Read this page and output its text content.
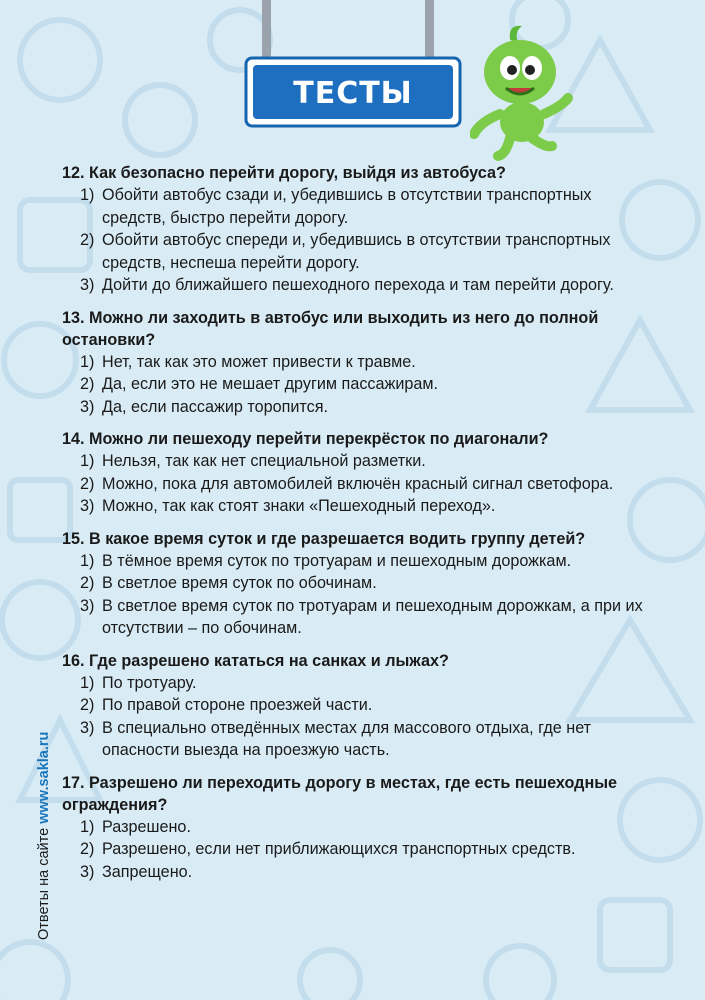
ТЕСТЫ
12. Как безопасно перейти дорогу, выйдя из автобуса?
1) Обойти автобус сзади и, убедившись в отсутствии транспортных средств, быстро перейти дорогу.
2) Обойти автобус спереди и, убедившись в отсутствии транспортных средств, неспеша перейти дорогу.
3) Дойти до ближайшего пешеходного перехода и там перейти дорогу.
13. Можно ли заходить в автобус или выходить из него до полной остановки?
1) Нет, так как это может привести к травме.
2) Да, если это не мешает другим пассажирам.
3) Да, если пассажир торопится.
14. Можно ли пешеходу перейти перекрёсток по диагонали?
1) Нельзя, так как нет специальной разметки.
2) Можно, пока для автомобилей включён красный сигнал светофора.
3) Можно, так как стоят знаки «Пешеходный переход».
15. В какое время суток и где разрешается водить группу детей?
1) В тёмное время суток по тротуарам и пешеходным дорожкам.
2) В светлое время суток по обочинам.
3) В светлое время суток по тротуарам и пешеходным дорожкам, а при их отсутствии – по обочинам.
16. Где разрешено кататься на санках и лыжах?
1) По тротуару.
2) По правой стороне проезжей части.
3) В специально отведённых местах для массового отдыха, где нет опасности выезда на проезжую часть.
17. Разрешено ли переходить дорогу в местах, где есть пешеходные ограждения?
1) Разрешено.
2) Разрешено, если нет приближающихся транспортных средств.
3) Запрещено.
Ответы на сайте www.sakla.ru
